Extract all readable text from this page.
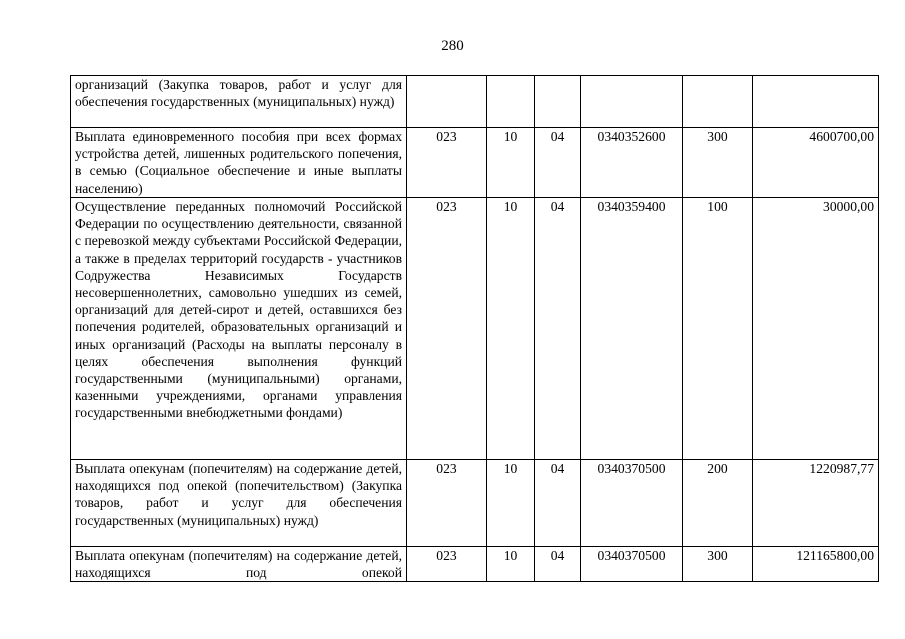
280
организаций (Закупка товаров, работ и услуг для обеспечения государственных (муниципальных) нужд)						
Выплата единовременного пособия при всех формах устройства детей, лишенных родительского попечения, в семью (Социальное обеспечение и иные выплаты населению)	023	10	04	0340352600	300	4600700,00
Осуществление переданных полномочий Российской Федерации по осуществлению деятельности, связанной с перевозкой между субъектами Российской Федерации, а также в пределах территорий государств - участников Содружества Независимых Государств несовершеннолетних, самовольно ушедших из семей, организаций для детей-сирот и детей, оставшихся без попечения родителей, образовательных организаций и иных организаций (Расходы на выплаты персоналу в целях обеспечения выполнения функций государственными (муниципальными) органами, казенными учреждениями, органами управления государственными внебюджетными фондами)	023	10	04	0340359400	100	30000,00
Выплата опекунам (попечителям) на содержание детей, находящихся под опекой (попечительством) (Закупка товаров, работ и услуг для обеспечения государственных (муниципальных) нужд)	023	10	04	0340370500	200	1220987,77
Выплата опекунам (попечителям) на содержание детей, находящихся под опекой	023	10	04	0340370500	300	121165800,00
